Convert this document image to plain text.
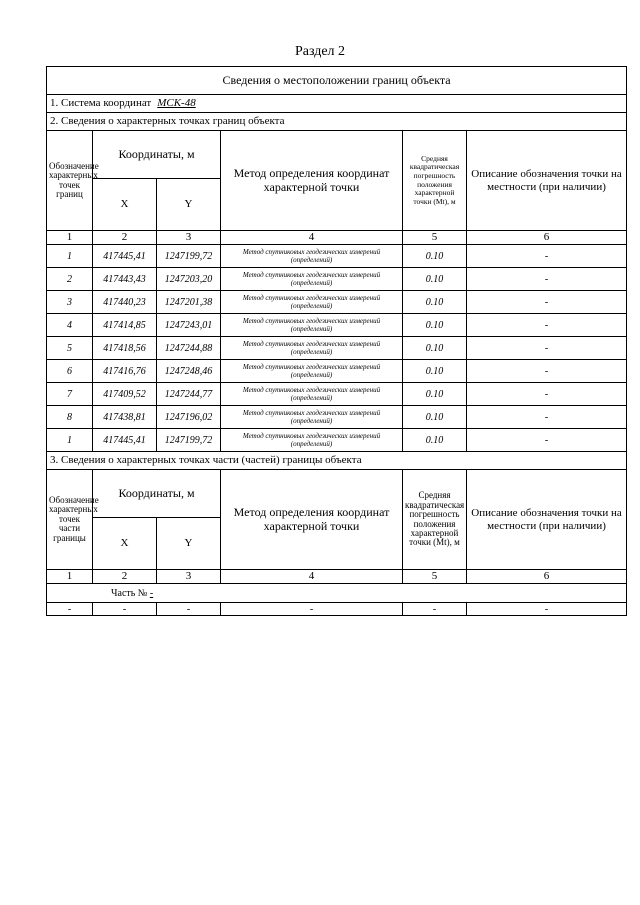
Раздел 2
Сведения о местоположении границ объекта					
1. Система координат МСК-48					
2. Сведения о характерных точках границ объекта					
Обозначение характерных точек границ	Координаты, м		Метод определения координат характерной точки	Средняя квадратическая погрешность положения характерной точки (Mt), м	Описание обозначения точки на местности (при наличии)
	X	Y			
1	2	3	4	5	6
1	417445,41	1247199,72	Метод спутниковых геодезических измерений (определений)	0.10	-
2	417443,43	1247203,20	Метод спутниковых геодезических измерений (определений)	0.10	-
3	417440,23	1247201,38	Метод спутниковых геодезических измерений (определений)	0.10	-
4	417414,85	1247243,01	Метод спутниковых геодезических измерений (определений)	0.10	-
5	417418,56	1247244,88	Метод спутниковых геодезических измерений (определений)	0.10	-
6	417416,76	1247248,46	Метод спутниковых геодезических измерений (определений)	0.10	-
7	417409,52	1247244,77	Метод спутниковых геодезических измерений (определений)	0.10	-
8	417438,81	1247196,02	Метод спутниковых геодезических измерений (определений)	0.10	-
1	417445,41	1247199,72	Метод спутниковых геодезических измерений (определений)	0.10	-
3. Сведения о характерных точках части (частей) границы объекта					
Обозначение характерных точек части границы	Координаты, м		Метод определения координат характерной точки	Средняя квадратическая погрешность положения характерной точки (Mt), м	Описание обозначения точки на местности (при наличии)
	X	Y			
1	2	3	4	5	6
Часть № -					
-	-	-	-	-	-
